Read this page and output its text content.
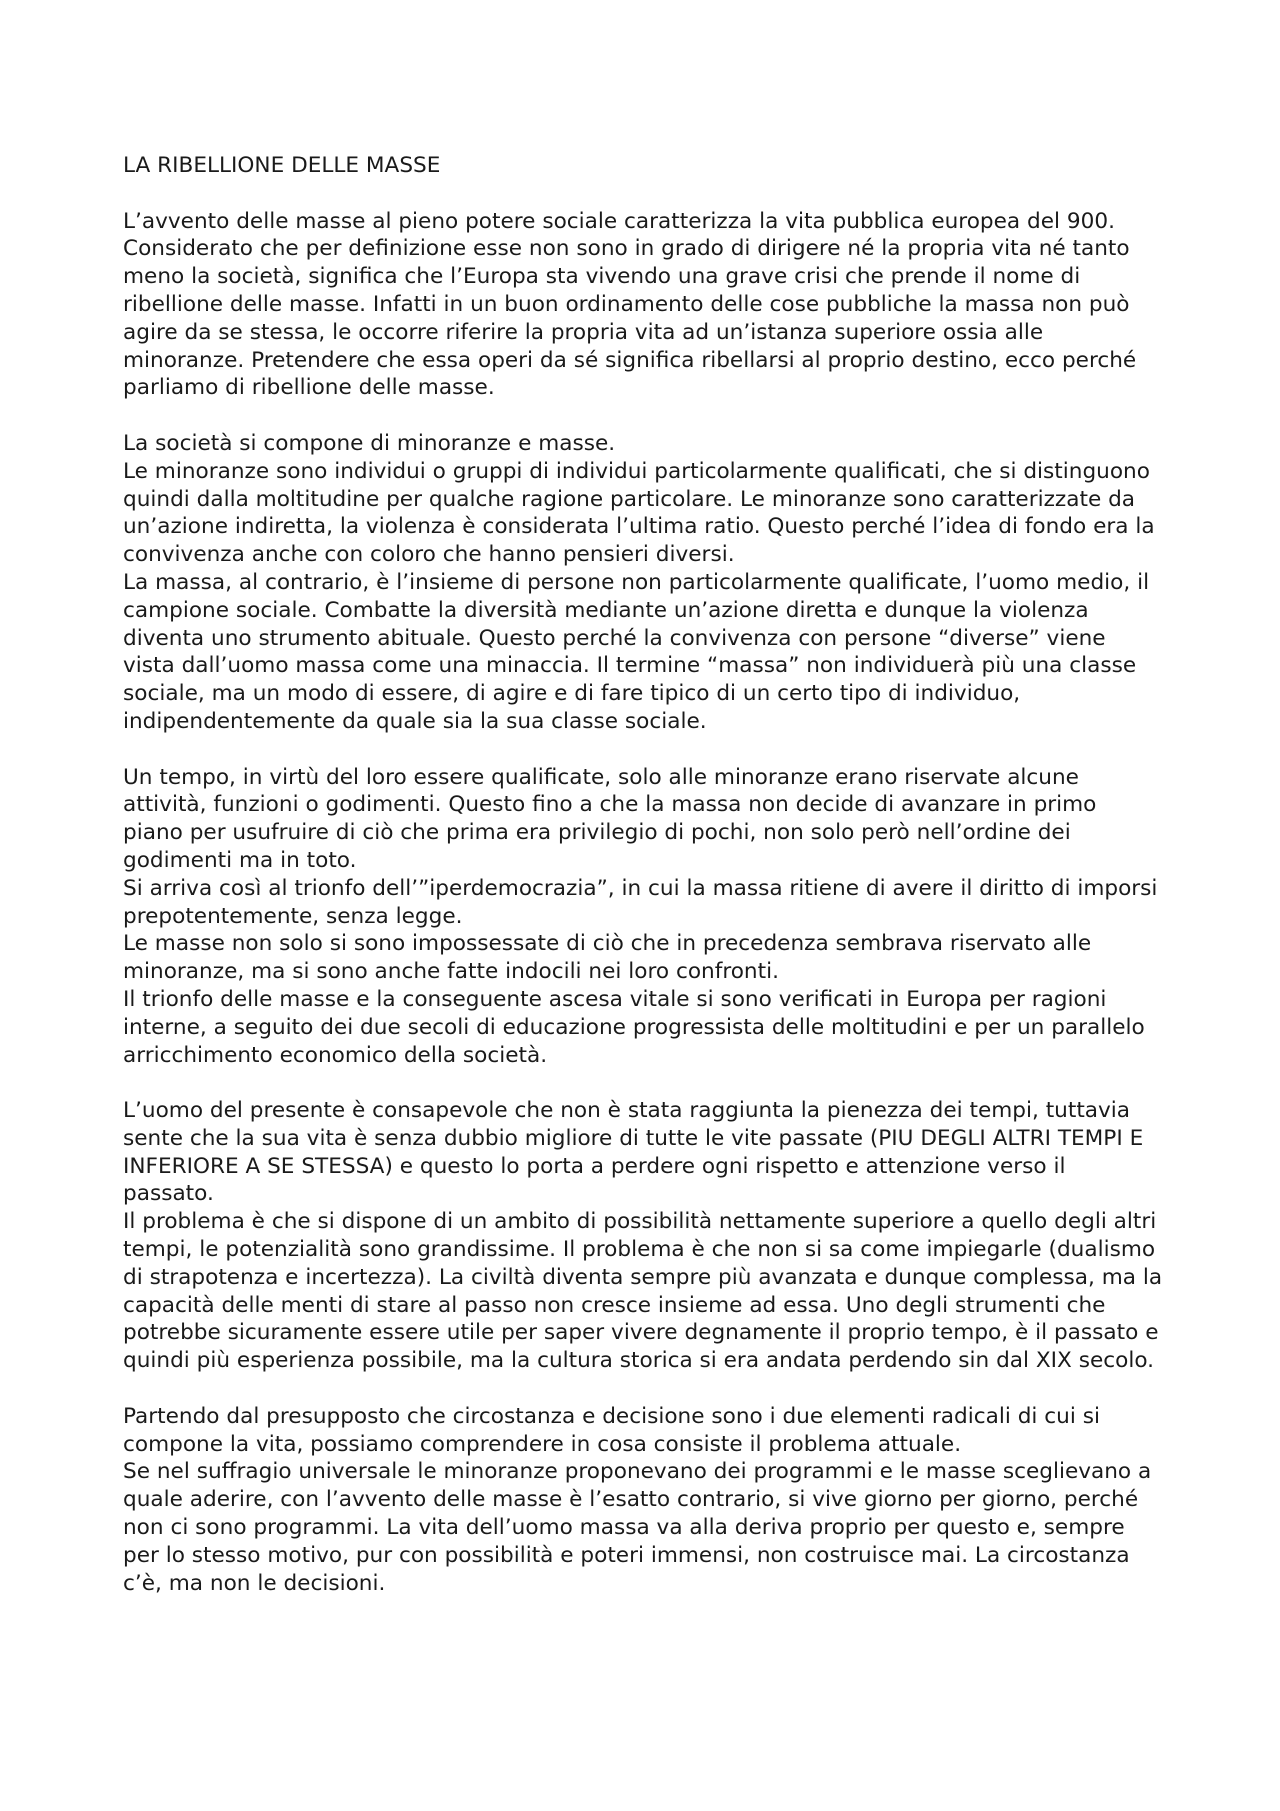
LA RIBELLIONE DELLE MASSE

L’avvento delle masse al pieno potere sociale caratterizza la vita pubblica europea del 900. Considerato che per definizione esse non sono in grado di dirigere né la propria vita né tanto meno la società, significa che l’Europa sta vivendo una grave crisi che prende il nome di ribellione delle masse. Infatti in un buon ordinamento delle cose pubbliche la massa non può agire da se stessa, le occorre riferire la propria vita ad un’istanza superiore ossia alle minoranze. Pretendere che essa operi da sé significa ribellarsi al proprio destino, ecco perché parliamo di ribellione delle masse.

La società si compone di minoranze e masse.

Le minoranze sono individui o gruppi di individui particolarmente qualificati, che si distinguono quindi dalla moltitudine per qualche ragione particolare. Le minoranze sono caratterizzate da un’azione indiretta, la violenza è considerata l’ultima ratio. Questo perché l’idea di fondo era la convivenza anche con coloro che hanno pensieri diversi.

La massa, al contrario, è l’insieme di persone non particolarmente qualificate, l’uomo medio, il campione sociale. Combatte la diversità mediante un’azione diretta e dunque la violenza diventa uno strumento abituale. Questo perché la convivenza con persone “diverse” viene vista dall’uomo massa come una minaccia. Il termine “massa” non individuerà più una classe sociale, ma un modo di essere, di agire e di fare tipico di un certo tipo di individuo, indipendentemente da quale sia la sua classe sociale.

Un tempo, in virtù del loro essere qualificate, solo alle minoranze erano riservate alcune attività, funzioni o godimenti. Questo fino a che la massa non decide di avanzare in primo piano per usufruire di ciò che prima era privilegio di pochi, non solo però nell’ordine dei godimenti ma in toto.

Si arriva così al trionfo dell’”iperdemocrazia”, in cui la massa ritiene di avere il diritto di imporsi prepotentemente, senza legge.

Le masse non solo si sono impossessate di ciò che in precedenza sembrava riservato alle minoranze, ma si sono anche fatte indocili nei loro confronti.

Il trionfo delle masse e la conseguente ascesa vitale si sono verificati in Europa per ragioni interne, a seguito dei due secoli di educazione progressista delle moltitudini e per un parallelo arricchimento economico della società.

L’uomo del presente è consapevole che non è stata raggiunta la pienezza dei tempi, tuttavia sente che la sua vita è senza dubbio migliore di tutte le vite passate (PIU DEGLI ALTRI TEMPI E INFERIORE A SE STESSA) e questo lo porta a perdere ogni rispetto e attenzione verso il passato.

Il problema è che si dispone di un ambito di possibilità nettamente superiore a quello degli altri tempi, le potenzialità sono grandissime. Il problema è che non si sa come impiegarle (dualismo di strapotenza e incertezza). La civiltà diventa sempre più avanzata e dunque complessa, ma la capacità delle menti di stare al passo non cresce insieme ad essa. Uno degli strumenti che potrebbe sicuramente essere utile per saper vivere degnamente il proprio tempo, è il passato e quindi più esperienza possibile, ma la cultura storica si era andata perdendo sin dal XIX secolo.

Partendo dal presupposto che circostanza e decisione sono i due elementi radicali di cui si compone la vita, possiamo comprendere in cosa consiste il problema attuale.

Se nel suffragio universale le minoranze proponevano dei programmi e le masse sceglievano a quale aderire, con l’avvento delle masse è l’esatto contrario, si vive giorno per giorno, perché non ci sono programmi. La vita dell’uomo massa va alla deriva proprio per questo e, sempre per lo stesso motivo, pur con possibilità e poteri immensi, non costruisce mai. La circostanza c’è, ma non le decisioni.
